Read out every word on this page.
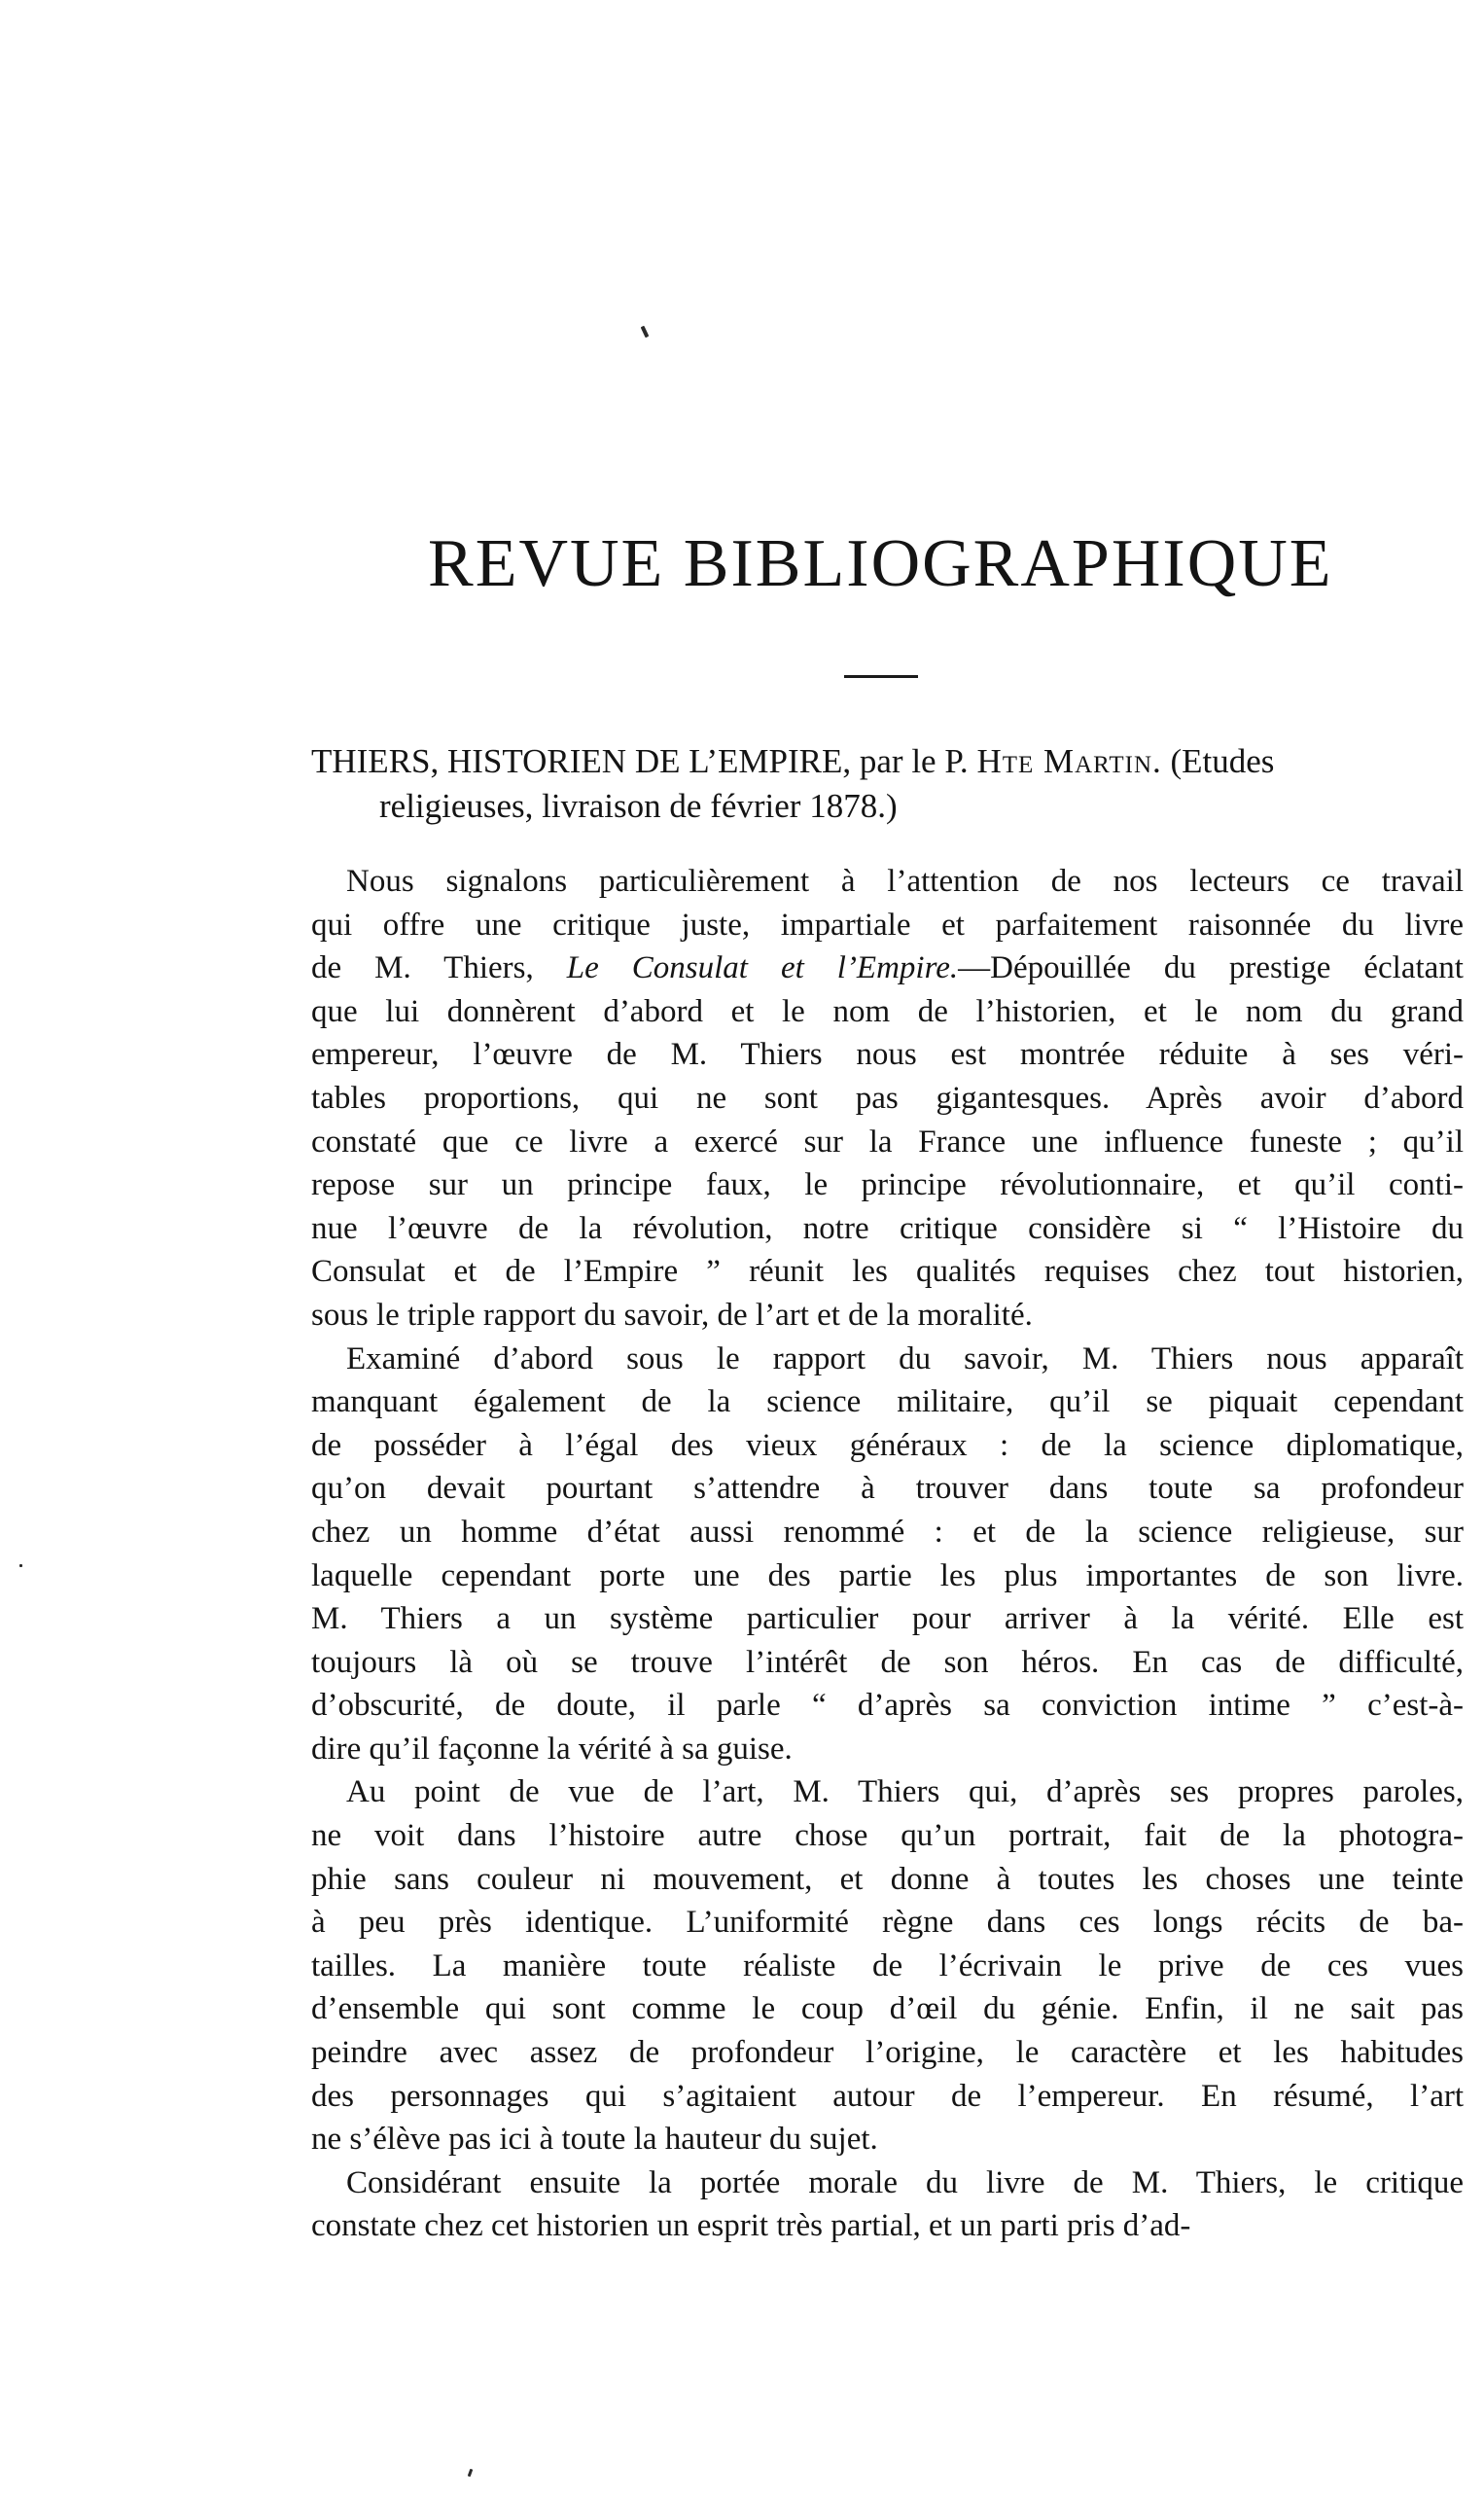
REVUE BIBLIOGRAPHIQUE

THIERS, HISTORIEN DE L’EMPIRE, par le P. Hte Martin. (Etudes
religieuses, livraison de février 1878.)

Nous signalons particulièrement à l’attention de nos lecteurs ce travail
qui offre une critique juste, impartiale et parfaitement raisonnée du livre
de M. Thiers, Le Consulat et l’Empire.—Dépouillée du prestige éclatant
que lui donnèrent d’abord et le nom de l’historien, et le nom du grand
empereur, l’œuvre de M. Thiers nous est montrée réduite à ses véri-
tables proportions, qui ne sont pas gigantesques. Après avoir d’abord
constaté que ce livre a exercé sur la France une influence funeste ; qu’il
repose sur un principe faux, le principe révolutionnaire, et qu’il conti-
nue l’œuvre de la révolution, notre critique considère si “ l’Histoire du
Consulat et de l’Empire ” réunit les qualités requises chez tout historien,
sous le triple rapport du savoir, de l’art et de la moralité.
Examiné d’abord sous le rapport du savoir, M. Thiers nous apparaît
manquant également de la science militaire, qu’il se piquait cependant
de posséder à l’égal des vieux généraux : de la science diplomatique,
qu’on devait pourtant s’attendre à trouver dans toute sa profondeur
chez un homme d’état aussi renommé : et de la science religieuse, sur
laquelle cependant porte une des partie les plus importantes de son livre.
M. Thiers a un système particulier pour arriver à la vérité. Elle est
toujours là où se trouve l’intérêt de son héros. En cas de difficulté,
d’obscurité, de doute, il parle “ d’après sa conviction intime ” c’est-à-
dire qu’il façonne la vérité à sa guise.
Au point de vue de l’art, M. Thiers qui, d’après ses propres paroles,
ne voit dans l’histoire autre chose qu’un portrait, fait de la photogra-
phie sans couleur ni mouvement, et donne à toutes les choses une teinte
à peu près identique. L’uniformité règne dans ces longs récits de ba-
tailles. La manière toute réaliste de l’écrivain le prive de ces vues
d’ensemble qui sont comme le coup d’œil du génie. Enfin, il ne sait pas
peindre avec assez de profondeur l’origine, le caractère et les habitudes
des personnages qui s’agitaient autour de l’empereur. En résumé, l’art
ne s’élève pas ici à toute la hauteur du sujet.
Considérant ensuite la portée morale du livre de M. Thiers, le critique
constate chez cet historien un esprit très partial, et un parti pris d’ad-
